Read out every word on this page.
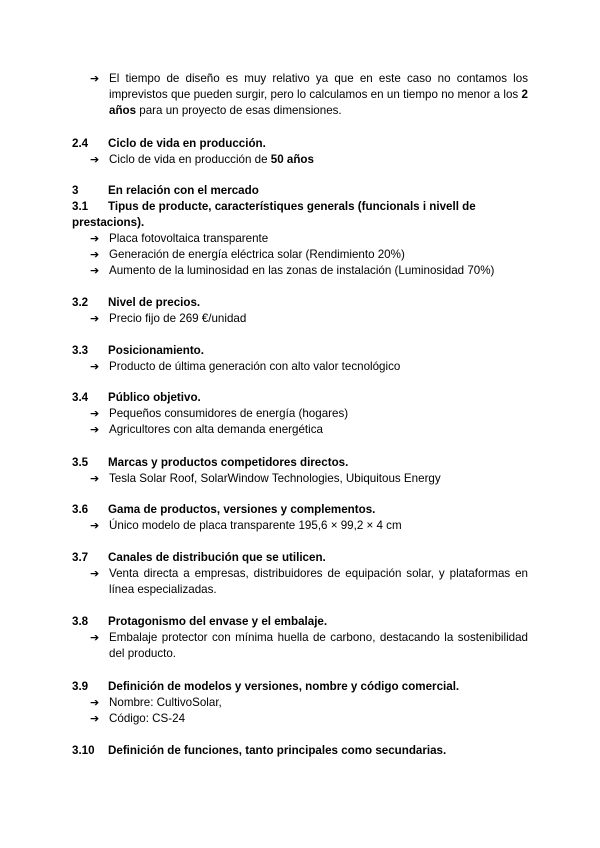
➔ El tiempo de diseño es muy relativo ya que en este caso no contamos los imprevistos que pueden surgir, pero lo calculamos en un tiempo no menor a los 2 años para un proyecto de esas dimensiones.
2.4	Ciclo de vida en producción.
➔ Ciclo de vida en producción de 50 años
3	En relación con el mercado
3.1	Tipus de producte, característiques generals (funcionals i nivell de prestacions).
➔ Placa fotovoltaica transparente
➔ Generación de energía eléctrica solar (Rendimiento 20%)
➔ Aumento de la luminosidad en las zonas de instalación (Luminosidad 70%)
3.2	Nivel de precios.
➔ Precio fijo de 269 €/unidad
3.3	Posicionamiento.
➔ Producto de última generación con alto valor tecnológico
3.4	Público objetivo.
➔ Pequeños consumidores de energía (hogares)
➔ Agricultores con alta demanda energética
3.5	Marcas y productos competidores directos.
➔ Tesla Solar Roof, SolarWindow Technologies, Ubiquitous Energy
3.6	Gama de productos, versiones y complementos.
➔ Único modelo de placa transparente 195,6 × 99,2 × 4 cm
3.7	Canales de distribución que se utilicen.
➔ Venta directa a empresas, distribuidores de equipación solar, y plataformas en línea especializadas.
3.8	Protagonismo del envase y el embalaje.
➔ Embalaje protector con mínima huella de carbono, destacando la sostenibilidad del producto.
3.9	Definición de modelos y versiones, nombre y código comercial.
➔ Nombre: CultivoSolar,
➔ Código: CS-24
3.10	Definición de funciones, tanto principales como secundarias.
